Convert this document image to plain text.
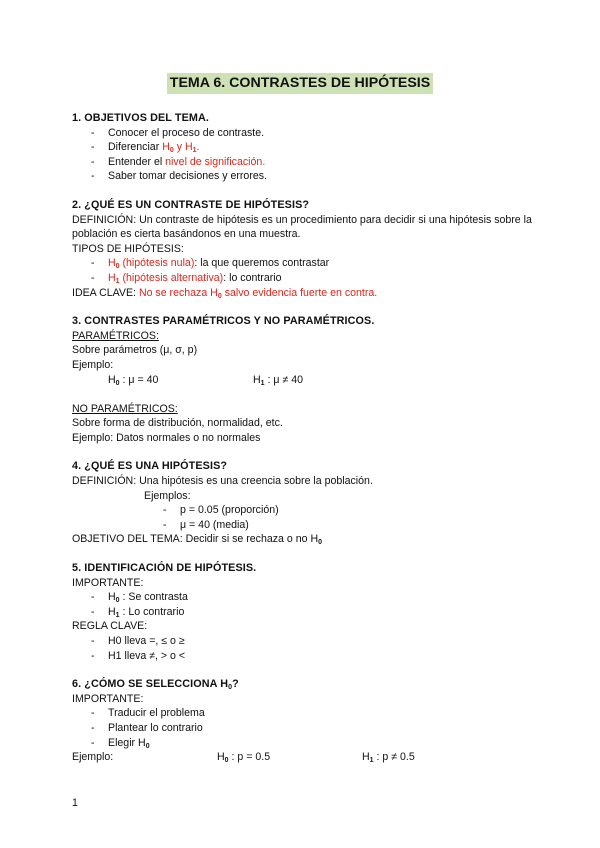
TEMA 6. CONTRASTES DE HIPÓTESIS

1. OBJETIVOS DEL TEMA.

- Conocer el proceso de contraste.
- Diferenciar $H_0$ y $H_1$.
- Entender el nivel de significación.
- Saber tomar decisiones y errores.

2. ¿QUÉ ES UN CONTRASTE DE HIPÓTESIS?

DEFINICIÓN: Un contraste de hipótesis es un procedimiento para decidir si una hipótesis sobre la población es cierta basándonos en una muestra.

TIPOS DE HIPÓTESIS:

- $H_0$ (hipótesis nula): la que queremos contrastar
- $H_1$ (hipótesis alternativa): lo contrario

IDEA CLAVE: No se rechaza $H_0$ salvo evidencia fuerte en contra.

3. CONTRASTES PARAMÉTRICOS Y NO PARAMÉTRICOS.

PARAMÉTRICOS:

Sobre parámetros (μ, σ, p)

Ejemplo:

$H_0$ : μ = 40	$H_1$ : μ ≠ 40

NO PARAMÉTRICOS:

Sobre forma de distribución, normalidad, etc.

Ejemplo: Datos normales o no normales

4. ¿QUÉ ES UNA HIPÓTESIS?

DEFINICIÓN: Una hipótesis es una creencia sobre la población.

Ejemplos:

- p = 0.05 (proporción)
- μ = 40 (media)

OBJETIVO DEL TEMA: Decidir si se rechaza o no $H_0$

5. IDENTIFICACIÓN DE HIPÓTESIS.

IMPORTANTE:

- $H_0$ : Se contrasta
- $H_1$ : Lo contrario

REGLA CLAVE:

- H0 lleva =, ≤ o ≥
- H1 lleva ≠, > o <

6. ¿CÓMO SE SELECCIONA $H_0$?

IMPORTANTE:

- Traducir el problema
- Plantear lo contrario
- Elegir $H_0$
Ejemplo:	$H_0$ : p = 0.5	$H_1$ : p ≠ 0.5
1
